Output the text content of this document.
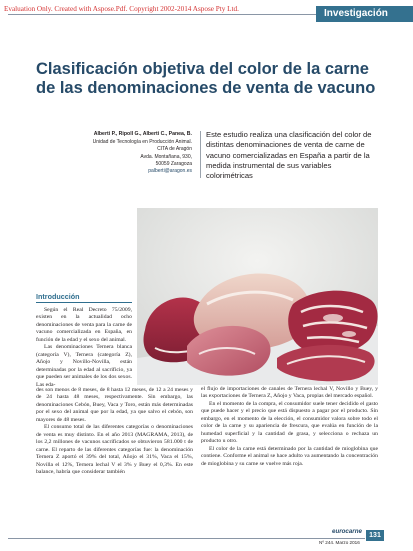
Evaluation Only. Created with Aspose.Pdf. Copyright 2002-2014 Aspose Pty Ltd.	Investigación
Clasificación objetiva del color de la carne de las denominaciones de venta de vacuno
Alberti P., Ripoll G., Alberti C., Panea, B.
Unidad de Tecnología en Producción Animal.
CITA de Aragón
Avda. Montañana, 930,
50059 Zaragoza
palberti@aragon.es
Este estudio realiza una clasificación del color de distintas denominaciones de venta de carne de vacuno comercializadas en España a partir de la medida instrumental de sus variables colorimétricas
Introducción

Según el Real Decreto 75/2009, existen en la actualidad ocho denominaciones de venta para la carne de vacuno comercializada en España, en función de la edad y el sexo del animal.

Las denominaciones Ternera blanca (categoría V), Ternera (categoría Z), Añojo y Novillo-Novilla, están determinadas por la edad al sacrificio, ya que pueden ser animales de los dos sexos. Las eda-

des son menos de 8 meses, de 8 hasta 12 meses, de 12 a 24 meses y de 24 hasta 48 meses, respectivamente. Sin embargo, las denominaciones Cebón, Buey, Vaca y Toro, están más determinadas por el sexo del animal que por la edad, ya que salvo el cebón, son mayores de 48 meses.

El consumo total de las diferentes categorías o denominaciones de venta es muy distinto. En el año 2013 (MAGRAMA, 2013), de los 2,2 millones de vacunos sacrificados se obtuvieron 581.000 t de carne. El reparto de las diferentes categorías fue: la denominación Ternera Z aportó el 39% del total, Añojo el 31%, Vaca el 15%, Novilla el 12%, Ternera lechal V el 3% y Buey el 0,3%. En este balance, habría que considerar también

el flujo de importaciones de canales de Ternera lechal V, Novillo y Buey, y las exportaciones de Ternera Z, Añojo y Vaca, propias del mercado español.

En el momento de la compra, el consumidor suele tener decidido el gasto que puede hacer y el precio que está dispuesto a pagar por el producto. Sin embargo, en el momento de la elección, el consumidor valora sobre todo el color de la carne y su apariencia de frescura, que evalúa en función de la humedad superficial y la cantidad de grasa, y selecciona o rechaza un producto u otro.

El color de la carne está determinado por la cantidad de mioglobina que contiene. Conforme el animal se hace adulto va aumentando la concentración de mioglobina y su carne se vuelve más roja.

eurocarne
Nº 244. Marzo 2016
131
